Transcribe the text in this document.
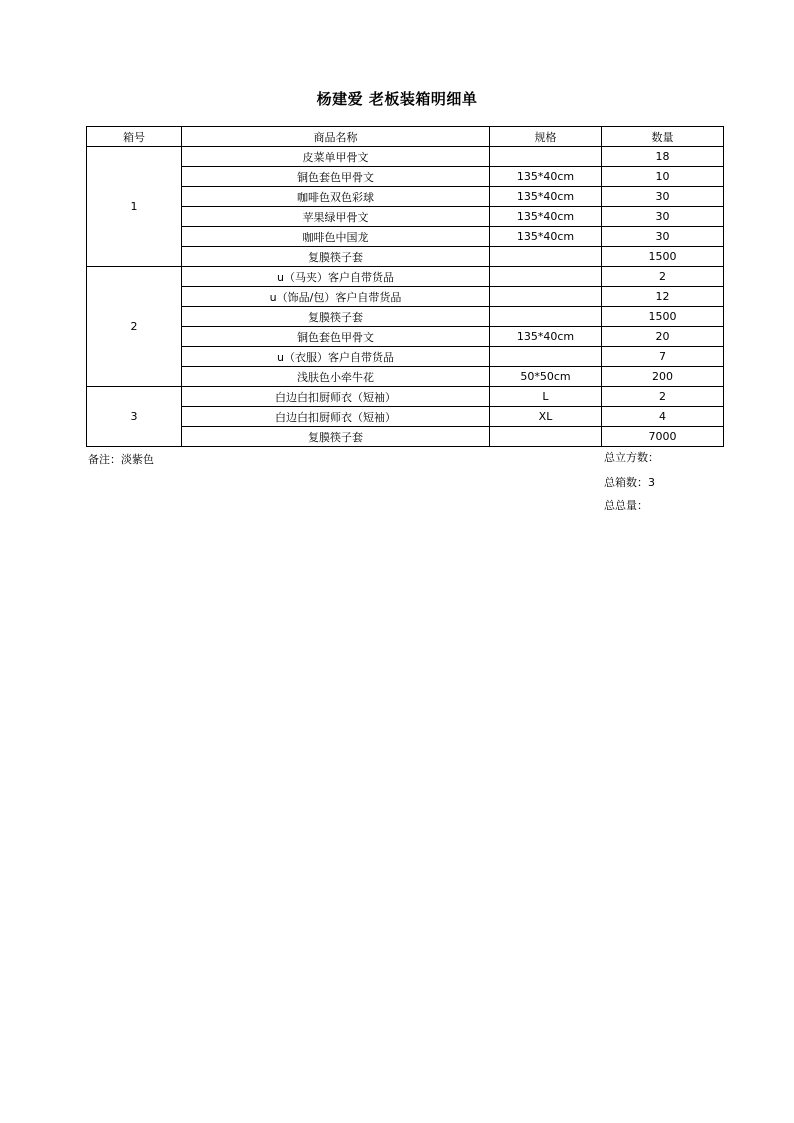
杨建爱 老板装箱明细单
箱号	商品名称	规格	数量
1	皮菜单甲骨文		18
	铜色套色甲骨文	135*40cm	10
	咖啡色双色彩球	135*40cm	30
	苹果绿甲骨文	135*40cm	30
	咖啡色中国龙	135*40cm	30
	复膜筷子套		1500
2	u（马夹）客户自带货品		2
	u（饰品/包）客户自带货品		12
	复膜筷子套		1500
	铜色套色甲骨文	135*40cm	20
	u（衣服）客户自带货品		7
	浅肤色小牵牛花	50*50cm	200
3	白边白扣厨师衣（短袖）	L	2
	白边白扣厨师衣（短袖）	XL	4
	复膜筷子套		7000
备注：淡紫色	总立方数：
总箱数：3
总总量：
